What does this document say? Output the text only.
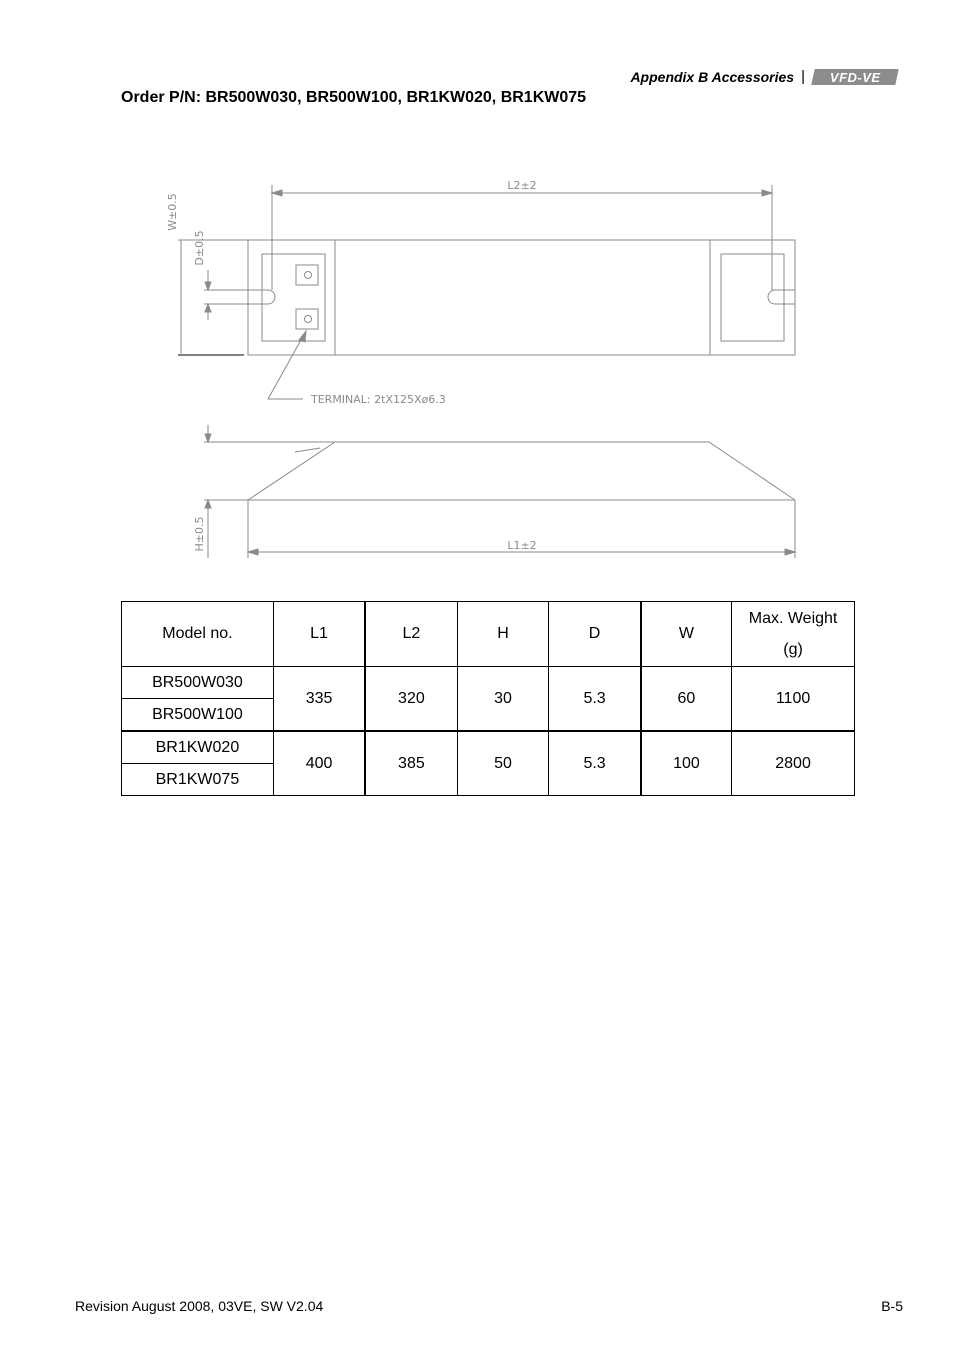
Appendix B Accessories | VFD-VE
Order P/N: BR500W030, BR500W100, BR1KW020, BR1KW075
L2±2
W±0.5
D±0.5
TERMINAL: 2tX125Xø6.3
H±0.5	L1±2
Model no.	L1	L2	H	D	W	Max. Weight
(g)
BR500W030	335	320	30	5.3	60	1100
BR500W100						
BR1KW020	400	385	50	5.3	100	2800
BR1KW075						
Revision August 2008, 03VE, SW V2.04	B-5
